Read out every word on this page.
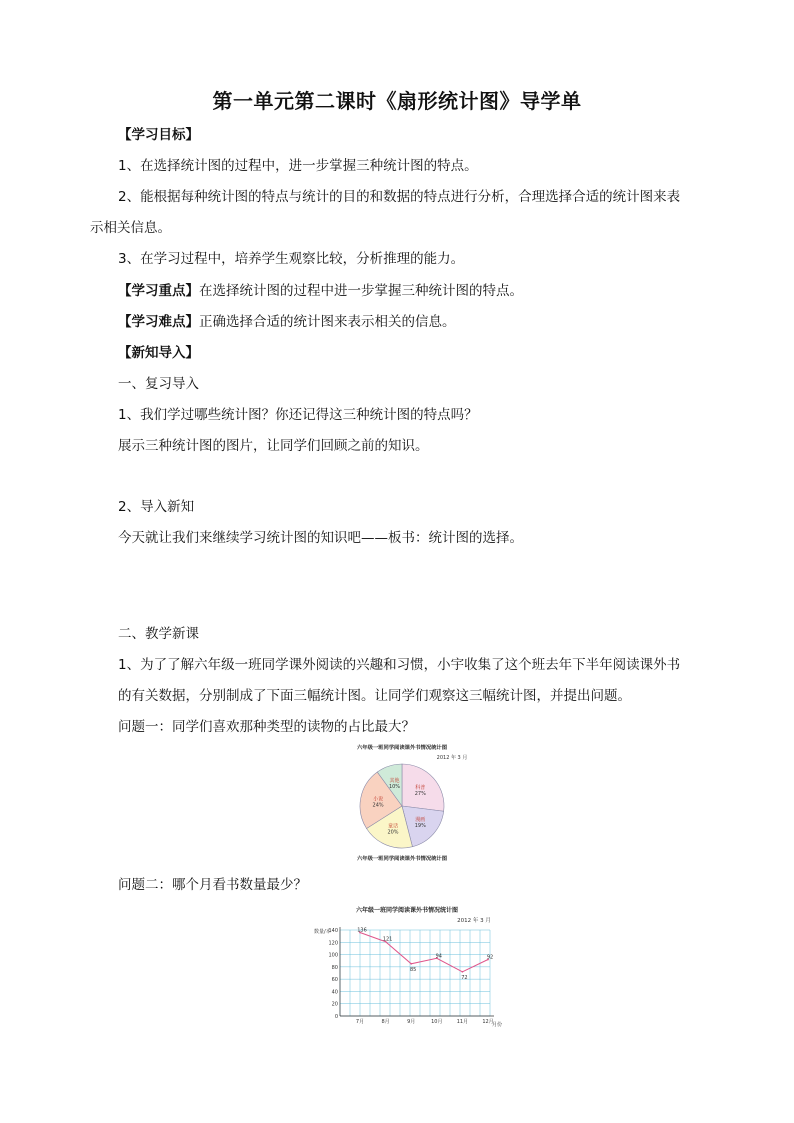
第一单元第二课时《扇形统计图》导学单
【学习目标】
1、在选择统计图的过程中，进一步掌握三种统计图的特点。
2、能根据每种统计图的特点与统计的目的和数据的特点进行分析，合理选择合适的统计图来表
示相关信息。
3、在学习过程中，培养学生观察比较，分析推理的能力。
【学习重点】在选择统计图的过程中进一步掌握三种统计图的特点。
【学习难点】正确选择合适的统计图来表示相关的信息。
【新知导入】
一、复习导入
1、我们学过哪些统计图？你还记得这三种统计图的特点吗？
展示三种统计图的图片，让同学们回顾之前的知识。
2、导入新知
今天就让我们来继续学习统计图的知识吧——板书：统计图的选择。
二、教学新课
1、为了了解六年级一班同学课外阅读的兴趣和习惯，小宇收集了这个班去年下半年阅读课外书
的有关数据，分别制成了下面三幅统计图。让同学们观察这三幅统计图，并提出问题。
问题一：同学们喜欢那种类型的读物的占比最大？
六年级一班同学阅读课外书情况统计图
2012 年 3 月
科普
27%
漫画
19%
童话
20%
小说
24%
其他
10%
六年级一班同学阅读课外书情况统计图
问题二：哪个月看书数量最少？
六年级一班同学阅读课外书情况统计图
2012 年 3 月
数量/本
0
20
40
60
80
100
120
140
7月	8月	9月	10月	11月	12月
136
121
85
94
72
92
月份
